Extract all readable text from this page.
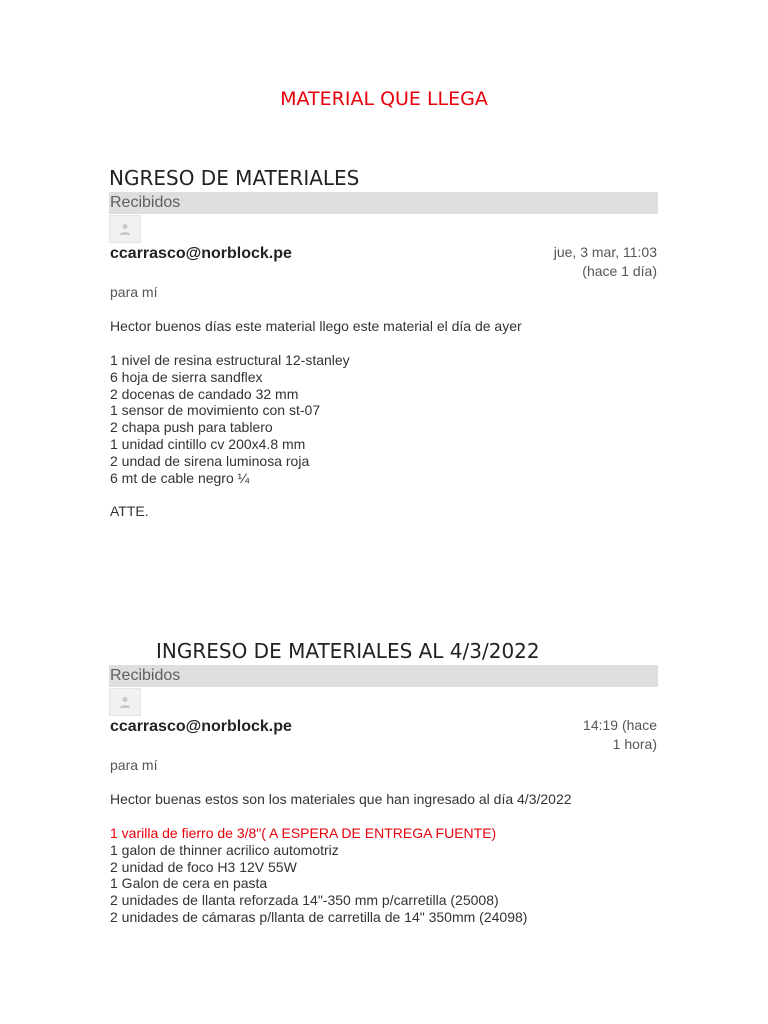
MATERIAL QUE LLEGA
NGRESO DE MATERIALES
Recibidos
ccarrasco@norblock.pe	jue, 3 mar, 11:03
(hace 1 día)
para mí
Hector buenos días este material llego este material el día de ayer
1 nivel de resina estructural 12-stanley
6 hoja de sierra sandflex
2 docenas de candado 32 mm
1 sensor de movimiento con st-07
2 chapa push para tablero
1 unidad cintillo cv 200x4.8 mm
2 undad de sirena luminosa roja
6 mt de cable negro ¼
ATTE.
INGRESO DE MATERIALES AL 4/3/2022
Recibidos
ccarrasco@norblock.pe	14:19 (hace
1 hora)
para mí
Hector buenas estos son los materiales que han ingresado al día 4/3/2022
1 varilla de fierro de 3/8"( A ESPERA DE ENTREGA FUENTE)
1 galon de thinner acrilico automotriz
2 unidad de foco H3 12V 55W
1 Galon de cera en pasta
2 unidades de llanta reforzada 14"-350 mm p/carretilla (25008)
2 unidades de cámaras p/llanta de carretilla de 14" 350mm (24098)
